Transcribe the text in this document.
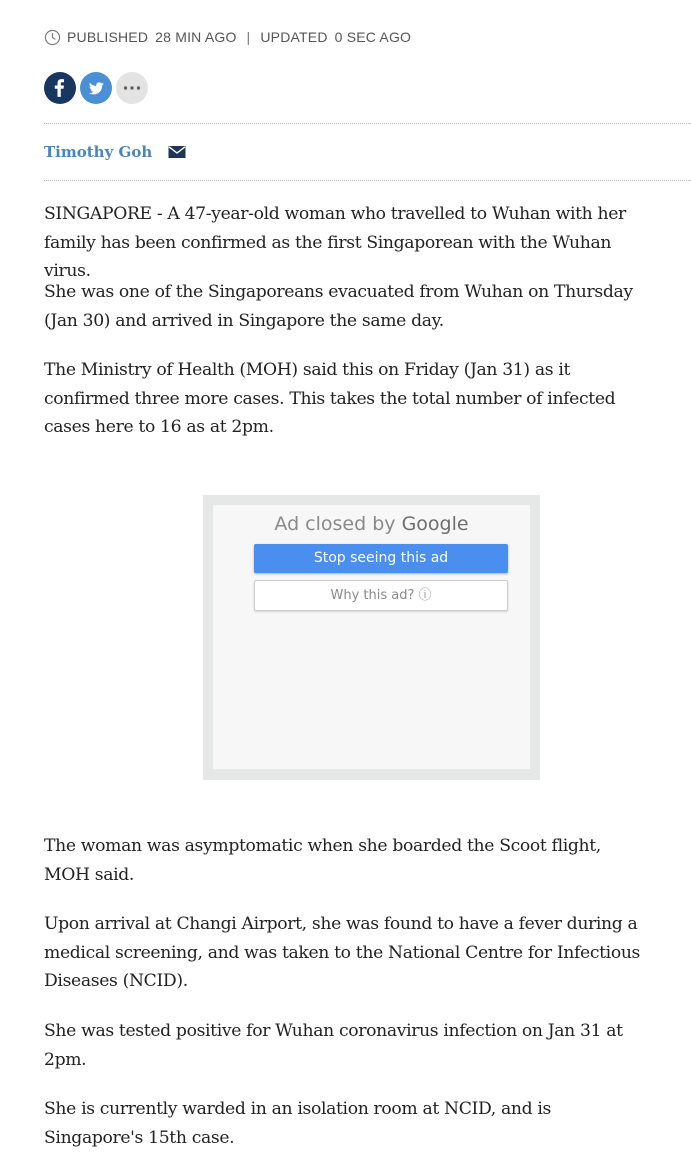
PUBLISHED 28 MIN AGO | UPDATED 0 SEC AGO
Timothy Goh

SINGAPORE - A 47-year-old woman who travelled to Wuhan with her family has been confirmed as the first Singaporean with the Wuhan virus.

She was one of the Singaporeans evacuated from Wuhan on Thursday (Jan 30) and arrived in Singapore the same day.

The Ministry of Health (MOH) said this on Friday (Jan 31) as it confirmed three more cases. This takes the total number of infected cases here to 16 as at 2pm.

Ad closed by Google
Stop seeing this ad
Why this ad? ⓘ

The woman was asymptomatic when she boarded the Scoot flight, MOH said.

Upon arrival at Changi Airport, she was found to have a fever during a medical screening, and was taken to the National Centre for Infectious Diseases (NCID).

She was tested positive for Wuhan coronavirus infection on Jan 31 at 2pm.

She is currently warded in an isolation room at NCID, and is Singapore's 15th case.
